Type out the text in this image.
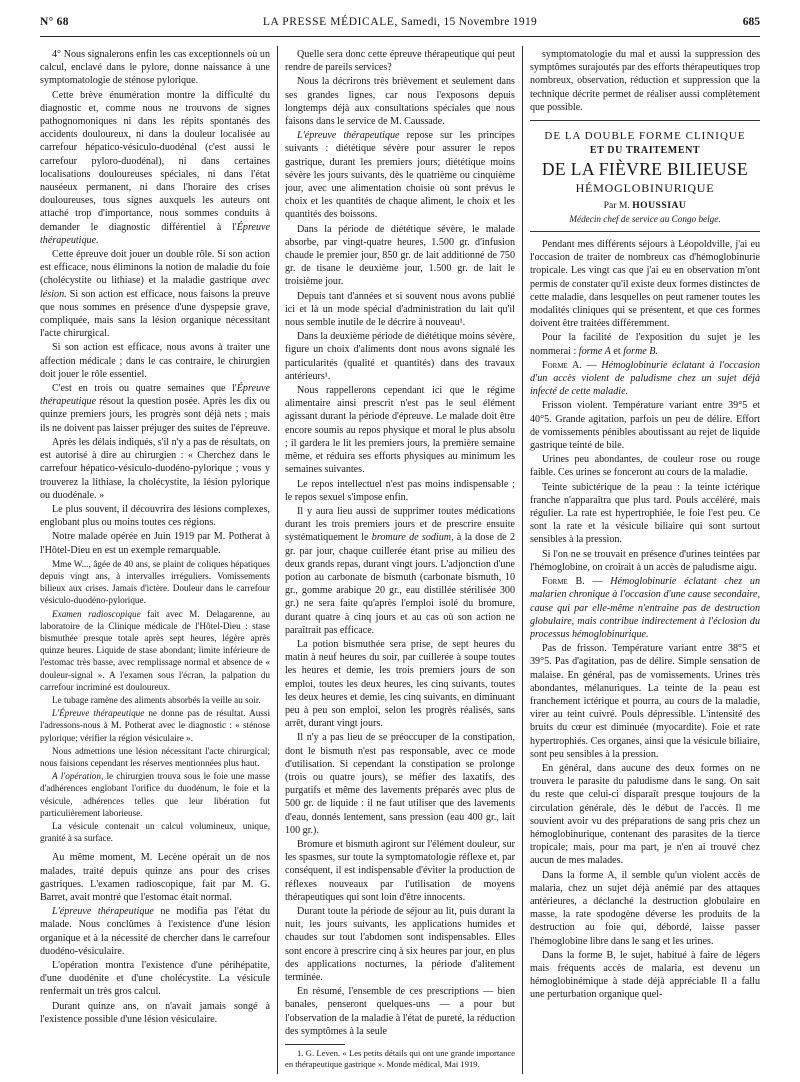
N° 68	LA PRESSE MÉDICALE, Samedi, 15 Novembre 1919	685

4° Nous signalerons enfin les cas exceptionnels où un calcul, enclavé dans le pylore, donne naissance à une symptomatologie de sténose pylorique.

Cette brève énumération montre la difficulté du diagnostic et, comme nous ne trouvons de signes pathognomoniques ni dans les répits spontanés des accidents douloureux, ni dans la douleur localisée au carrefour hépatico-vésiculo-duodénal (c'est aussi le carrefour pyloro-duodénal), ni dans certaines localisations douloureuses spéciales, ni dans l'état nauséeux permanent, ni dans l'horaire des crises douloureuses, tous signes auxquels les auteurs ont attaché trop d'importance, nous sommes conduits à demander le diagnostic différentiel à l'Épreuve thérapeutique.

Cette épreuve doit jouer un double rôle. Si son action est efficace, nous éliminons la notion de maladie du foie (cholécystite ou lithiase) et la maladie gastrique avec lésion. Si son action est efficace, nous faisons la preuve que nous sommes en présence d'une dyspepsie grave, compliquée, mais sans la lésion organique nécessitant l'acte chirurgical.

Si son action est efficace, nous avons à traiter une affection médicale ; dans le cas contraire, le chirurgien doit jouer le rôle essentiel.

C'est en trois ou quatre semaines que l'Épreuve thérapeutique résout la question posée. Après les dix ou quinze premiers jours, les progrès sont déjà nets ; mais ils ne doivent pas laisser préjuger des suites de l'épreuve.

Après les délais indiqués, s'il n'y a pas de résultats, on est autorisé à dire au chirurgien : « Cherchez dans le carrefour hépatico-vésiculo-duodéno-pylorique ; vous y trouverez la lithiase, la cholécystite, la lésion pylorique ou duodénale. »

Le plus souvent, il découvrira des lésions complexes, englobant plus ou moins toutes ces régions.

Notre malade opérée en Juin 1919 par M. Potherat à l'Hôtel-Dieu en est un exemple remarquable.

Mme W..., âgée de 40 ans, se plaint de coliques hépatiques depuis vingt ans, à intervalles irréguliers. Vomissements bilieux aux crises. Jamais d'ictère. Douleur dans le carrefour vésiculo-duodéno-pylorique.

Examen radioscopique fait avec M. Delagarenne, au laboratoire de la Clinique médicale de l'Hôtel-Dieu : stase bismuthée presque totale après sept heures, légère après quinze heures. Liquide de stase abondant; limite inférieure de l'estomac très basse, avec remplissage normal et absence de « douleur-signal ». A l'examen sous l'écran, la palpation du carrefour incriminé est douloureux.

Le tubage ramène des aliments absorbés la veille au soir.

L'Épreuve thérapeutique ne donne pas de résultat. Aussi l'adressons-nous à M. Potherat avec le diagnostic : « sténose pylorique; vérifier la région vésiculaire ».

Nous admettions une lésion nécessitant l'acte chirurgical; nous faisions cependant les réserves mentionnées plus haut.

A l'opération, le chirurgien trouva sous le foie une masse d'adhérences englobant l'orifice du duodénum, le foie et la vésicule, adhérences telles que leur libération fut particulièrement laborieuse.

La vésicule contenait un calcul volumineux, unique, granité à sa surface.

Au même moment, M. Lecène opérait un de nos malades, traité depuis quinze ans pour des crises gastriques. L'examen radioscopique, fait par M. G. Barret, avait montré que l'estomac était normal.

L'épreuve thérapeutique ne modifia pas l'état du malade. Nous conclûmes à l'existence d'une lésion organique et à la nécessité de chercher dans le carrefour duodéno-vésiculaire.

L'opération montra l'existence d'une périhépatite, d'une duodénite et d'une cholécystite. La vésicule renfermait un très gros calcul.

Durant quinze ans, on n'avait jamais songé à l'existence possible d'une lésion vésiculaire.

Quelle sera donc cette épreuve thérapeutique qui peut rendre de pareils services?

Nous la décrirons très brièvement et seulement dans ses grandes lignes, car nous l'exposons depuis longtemps déjà aux consultations spéciales que nous faisons dans le service de M. Caussade.

L'épreuve thérapeutique repose sur les principes suivants : diététique sévère pour assurer le repos gastrique, durant les premiers jours; diététique moins sévère les jours suivants, dès le quatrième ou cinquième jour, avec une alimentation choisie où sont prévus le choix et les quantités de chaque aliment, le choix et les quantités des boissons.

Dans la période de diététique sévère, le malade absorbe, par vingt-quatre heures, 1.500 gr. d'infusion chaude le premier jour, 850 gr. de lait additionné de 750 gr. de tisane le deuxième jour, 1.500 gr. de lait le troisième jour.

Depuis tant d'années et si souvent nous avons publié ici et là un mode spécial d'administration du lait qu'il nous semble inutile de le décrire à nouveau¹.

Dans la deuxième période de diététique moins sévère, figure un choix d'aliments dont nous avons signalé les particularités (qualité et quantités) dans des travaux antérieurs¹.

Nous rappellerons cependant ici que le régime alimentaire ainsi prescrit n'est pas le seul élément agissant durant la période d'épreuve. Le malade doit être encore soumis au repos physique et moral le plus absolu ; il gardera le lit les premiers jours, la première semaine même, et réduira ses efforts physiques au minimum les semaines suivantes.

Le repos intellectuel n'est pas moins indispensable ; le repos sexuel s'impose enfin.

Il y aura lieu aussi de supprimer toutes médications durant les trois premiers jours et de prescrire ensuite systématiquement le bromure de sodium, à la dose de 2 gr. par jour, chaque cuillerée étant prise au milieu des deux grands repas, durant vingt jours. L'adjonction d'une potion au carbonate de bismuth (carbonate bismuth, 10 gr., gomme arabique 20 gr., eau distillée stérilisée 300 gr.) ne sera faite qu'après l'emploi isolé du bromure, durant quatre à cinq jours et au cas où son action ne paraîtrait pas efficace.

La potion bismuthée sera prise, de sept heures du matin à neuf heures du soir, par cuillerée à soupe toutes les heures et demie, les trois premiers jours de son emploi, toutes les deux heures, les cinq suivants, toutes les deux heures et demie, les cinq suivants, en diminuant peu à peu son emploi, selon les progrès réalisés, sans arrêt, durant vingt jours.

Il n'y a pas lieu de se préoccuper de la constipation, dont le bismuth n'est pas responsable, avec ce mode d'utilisation. Si cependant la constipation se prolonge (trois ou quatre jours), se méfier des laxatifs, des purgatifs et même des lavements préparés avec plus de 500 gr. de liquide : il ne faut utiliser que des lavements d'eau, donnés lentement, sans pression (eau 400 gr., lait 100 gr.).

Bromure et bismuth agiront sur l'élément douleur, sur les spasmes, sur toute la symptomatologie réflexe et, par conséquent, il est indispensable d'éviter la production de réflexes nouveaux par l'utilisation de moyens thérapeutiques qui sont loin d'être innocents.

Durant toute la période de séjour au lit, puis durant la nuit, les jours suivants, les applications humides et chaudes sur tout l'abdomen sont indispensables. Elles sont encore à prescrire cinq à six heures par jour, en plus des applications nocturnes, la période d'alitement terminée.

En résumé, l'ensemble de ces prescriptions — bien banales, penseront quelques-uns — a pour but l'observation de la maladie à l'état de pureté, la réduction des symptômes à la seule

1. G. Leven. « Les petits détails qui ont une grande importance en thérapeutique gastrique ». Monde médical, Mai 1919.

symptomatologie du mal et aussi la suppression des symptômes surajoutés par des efforts thérapeutiques trop nombreux, observation, réduction et suppression que la technique décrite permet de réaliser aussi complètement que possible.

DE LA DOUBLE FORME CLINIQUE
ET DU TRAITEMENT
DE LA FIÈVRE BILIEUSE
HÉMOGLOBINURIQUE
Par M. HOUSSIAU
Médecin chef de service au Congo belge.

Pendant mes différents séjours à Léopoldville, j'ai eu l'occasion de traiter de nombreux cas d'hémoglobinurie tropicale. Les vingt cas que j'ai eu en observation m'ont permis de constater qu'il existe deux formes distinctes de cette maladie, dans lesquelles on peut ramener toutes les modalités cliniques qui se présentent, et que ces formes doivent être traitées différemment.

Pour la facilité de l'exposition du sujet je les nommerai : forme A et forme B.

Forme A. — Hémoglobinurie éclatant à l'occasion d'un accès violent de paludisme chez un sujet déjà infecté de cette maladie.

Frisson violent. Température variant entre 39°5 et 40°5. Grande agitation, parfois un peu de délire. Effort de vomissements pénibles aboutissant au rejet de liquide gastrique teinté de bile.

Urines peu abondantes, de couleur rose ou rouge faible. Ces urines se fonceront au cours de la maladie.

Teinte subictérique de la peau : la teinte ictérique franche n'apparaîtra que plus tard. Pouls accéléré, mais régulier. La rate est hypertrophiée, le foie l'est peu. Ce sont la rate et la vésicule biliaire qui sont surtout sensibles à la pression.

Si l'on ne se trouvait en présence d'urines teintées par l'hémoglobine, on croirait à un accès de paludisme aigu.

Forme B. — Hémoglobinurie éclatant chez un malarien chronique à l'occasion d'une cause secondaire, cause qui par elle-même n'entraîne pas de destruction globulaire, mais contribue indirectement à l'éclosion du processus hémoglobinurique.

Pas de frisson. Température variant entre 38°5 et 39°5. Pas d'agitation, pas de délire. Simple sensation de malaise. En général, pas de vomissements. Urines très abondantes, mélanuriques. La teinte de la peau est franchement ictérique et pourra, au cours de la maladie, virer au teint cuivré. Pouls dépressible. L'intensité des bruits du cœur est diminuée (myocardite). Foie et rate hypertrophiés. Ces organes, ainsi que la vésicule biliaire, sont peu sensibles à la pression.

En général, dans aucune des deux formes on ne trouvera le parasite du paludisme dans le sang. On sait du reste que celui-ci disparaît presque toujours de la circulation générale, dès le début de l'accès. Il me souvient avoir vu des préparations de sang pris chez un hémoglobinurique, contenant des parasites de la tierce tropicale; mais, pour ma part, je n'en ai trouvé chez aucun de mes malades.

Dans la forme A, il semble qu'un violent accès de malaria, chez un sujet déjà anémié par des attaques antérieures, a déclanché la destruction globulaire en masse, la rate spodogène déverse les produits de la destruction au foie qui, débordé, laisse passer l'hémoglobine libre dans le sang et les urines.

Dans la forme B, le sujet, habitué à faire de légers mais fréquents accès de malaria, est devenu un hémoglobinémique à stade déjà appréciable Il a fallu une perturbation organique quel-
